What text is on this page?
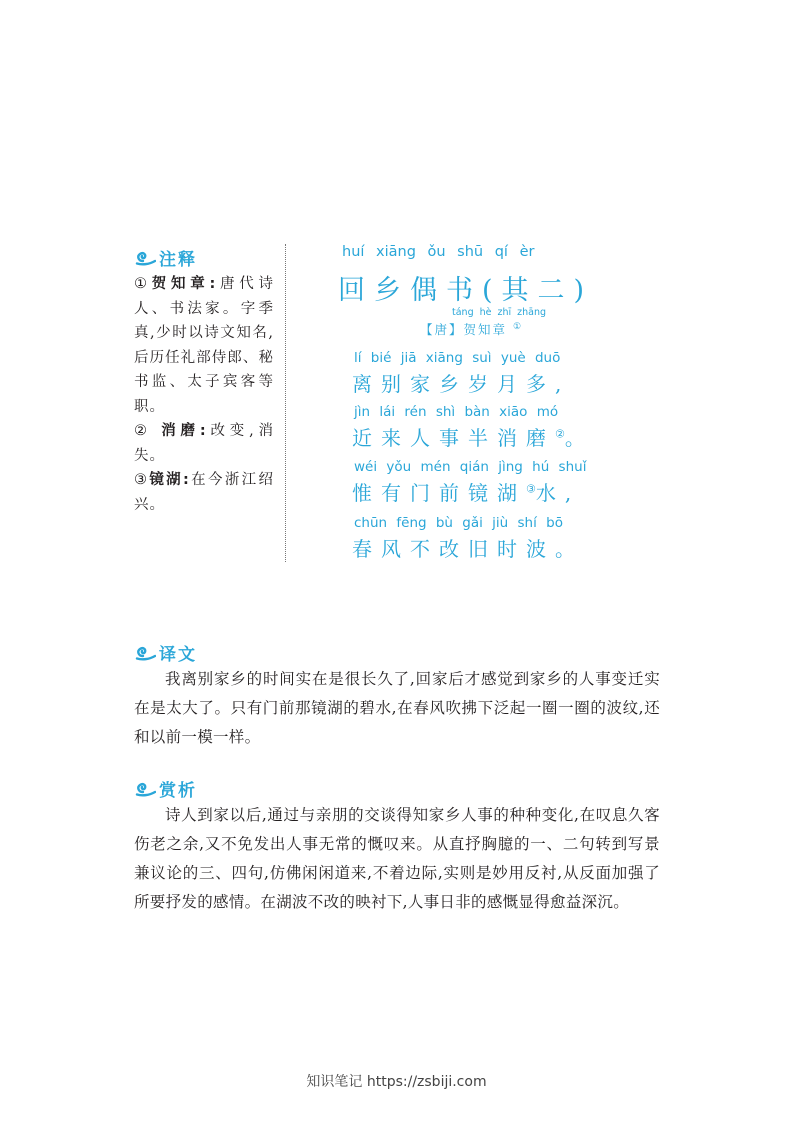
注释
①贺知章:唐代诗人、书法家。字季真,少时以诗文知名,后历任礼部侍郎、秘书监、太子宾客等职。
② 消磨:改变,消失。
③镜湖:在今浙江绍兴。
huí xiāng ǒu shū qí èr
回乡偶书(其二)
táng hè zhī zhāng
【唐】贺知章 ①
lí bié jiā xiāng suì yuè duō
离别家乡岁月多,
jìn lái rén shì bàn xiāo mó
近来人事半消磨②。
wéi yǒu mén qián jìng hú shuǐ
惟有门前镜湖③水,
chūn fēng bù gǎi jiù shí bō
春风不改旧时波。
译文
我离别家乡的时间实在是很长久了,回家后才感觉到家乡的人事变迁实在是太大了。只有门前那镜湖的碧水,在春风吹拂下泛起一圈一圈的波纹,还和以前一模一样。
赏析
诗人到家以后,通过与亲朋的交谈得知家乡人事的种种变化,在叹息久客伤老之余,又不免发出人事无常的慨叹来。从直抒胸臆的一、二句转到写景兼议论的三、四句,仿佛闲闲道来,不着边际,实则是妙用反衬,从反面加强了所要抒发的感情。在湖波不改的映衬下,人事日非的感慨显得愈益深沉。
知识笔记 https://zsbiji.com
